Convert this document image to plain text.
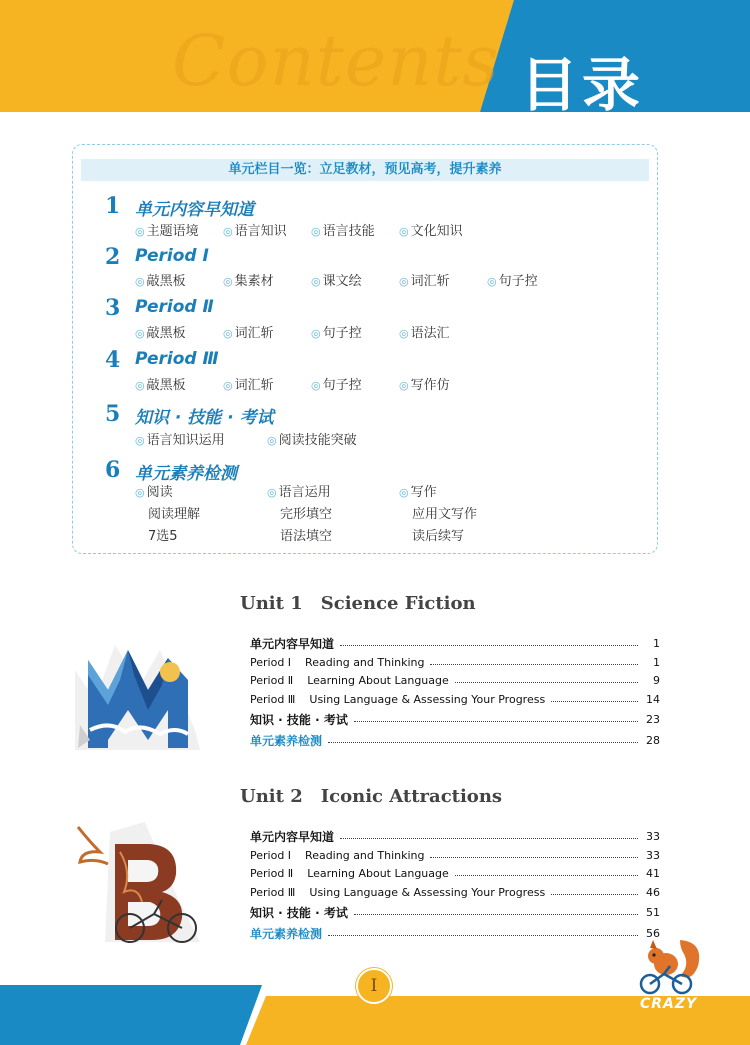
Contents 目录
单元栏目一览：立足教材，预见高考，提升素养
1 单元内容早知道
◎ 主题语境 ◎ 语言知识 ◎ 语言技能 ◎ 文化知识
2 Period Ⅰ
◎ 敲黑板	◎ 集素材	◎ 课文绘	◎ 词汇斩	◎ 句子控
3 Period Ⅱ
◎ 敲黑板	◎ 词汇斩	◎ 句子控	◎ 语法汇
4 Period Ⅲ
◎ 敲黑板	◎ 词汇斩	◎ 句子控	◎ 写作仿
5 知识 · 技能 · 考试
◎ 语言知识运用	◎ 阅读技能突破
6 单元素养检测
◎ 阅读	◎ 语言运用	◎ 写作
阅读理解	完形填空	应用文写作
7选5	语法填空	读后续写
Unit 1 Science Fiction
单元内容早知道	1
Period Ⅰ Reading and Thinking	1
Period Ⅱ Learning About Language	9
Period Ⅲ Using Language & Assessing Your Progress	14
知识 · 技能 · 考试	23
单元素养检测	28
Unit 2 Iconic Attractions
单元内容早知道	33
Period Ⅰ Reading and Thinking	33
Period Ⅱ Learning About Language	41
Period Ⅲ Using Language & Assessing Your Progress	46
知识 · 技能 · 考试	51
单元素养检测	56
I
CRAZY
